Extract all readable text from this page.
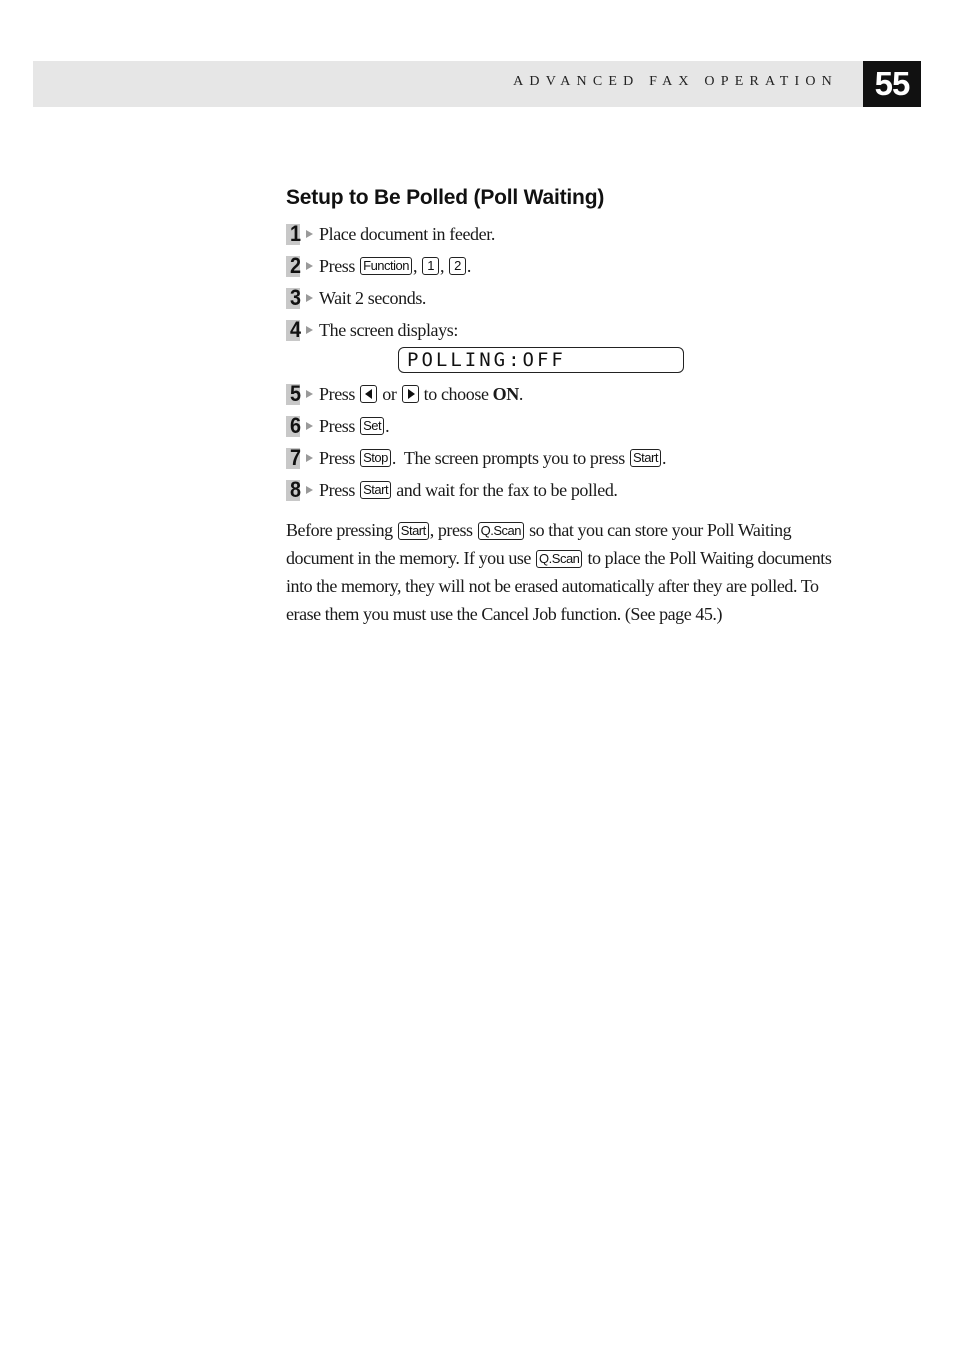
ADVANCED FAX OPERATION	55
Setup to Be Polled (Poll Waiting)
1 Place document in feeder.
2 Press
Function ,
1 ,
2 .
3 Wait 2 seconds.
4 The screen displays:
POLLING:OFF
5 Press

or

to choose
ON .
6 Press
Set .
7 Press
Stop .  The screen prompts you to press
Start .
8 Press
Start
and wait for the fax to be polled.
Before pressing Start , press Q.Scan so that you can store your Poll Waiting document in the memory. If you use Q.Scan to place the Poll Waiting documents into the memory, they will not be erased automatically after they are polled. To erase them you must use the Cancel Job function. (See page 45.)
